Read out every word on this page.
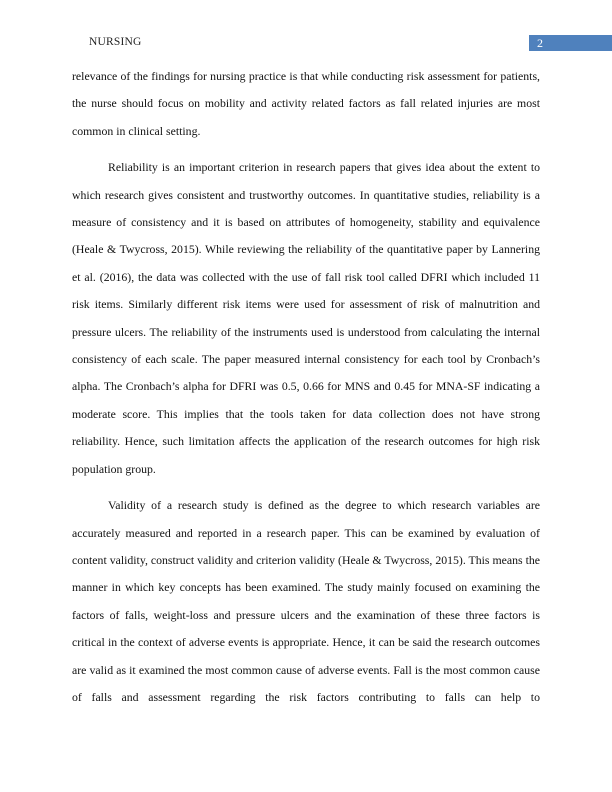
NURSING	2

relevance of the findings for nursing practice is that while conducting risk assessment for patients, the nurse should focus on mobility and activity related factors as fall related injuries are most common in clinical setting.

Reliability is an important criterion in research papers that gives idea about the extent to which research gives consistent and trustworthy outcomes. In quantitative studies, reliability is a measure of consistency and it is based on attributes of homogeneity, stability and equivalence (Heale & Twycross, 2015). While reviewing the reliability of the quantitative paper by Lannering et al. (2016), the data was collected with the use of fall risk tool called DFRI which included 11 risk items. Similarly different risk items were used for assessment of risk of malnutrition and pressure ulcers. The reliability of the instruments used is understood from calculating the internal consistency of each scale. The paper measured internal consistency for each tool by Cronbach’s alpha. The Cronbach’s alpha for DFRI was 0.5, 0.66 for MNS and 0.45 for MNA-SF indicating a moderate score. This implies that the tools taken for data collection does not have strong reliability. Hence, such limitation affects the application of the research outcomes for high risk population group.

Validity of a research study is defined as the degree to which research variables are accurately measured and reported in a research paper. This can be examined by evaluation of content validity, construct validity and criterion validity (Heale & Twycross, 2015). This means the manner in which key concepts has been examined. The study mainly focused on examining the factors of falls, weight-loss and pressure ulcers and the examination of these three factors is critical in the context of adverse events is appropriate. Hence, it can be said the research outcomes are valid as it examined the most common cause of adverse events. Fall is the most common cause of falls and assessment regarding the risk factors contributing to falls can help to
